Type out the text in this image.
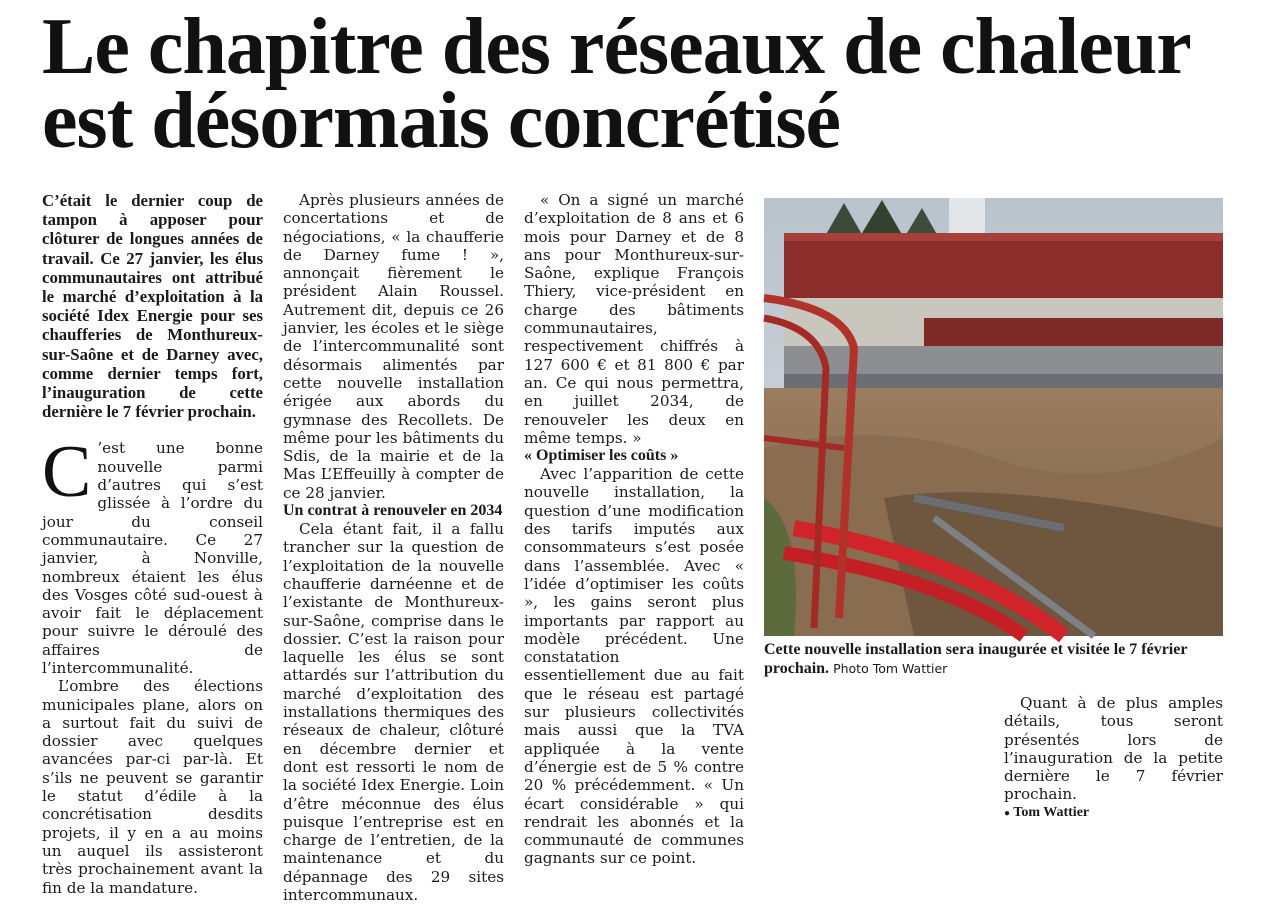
Le chapitre des réseaux de chaleur
est désormais concrétisé

C’était le dernier coup de tampon à apposer pour clôturer de longues années de travail. Ce 27 janvier, les élus communautaires ont attribué le marché d’exploitation à la société Idex Energie pour ses chaufferies de Monthureux-sur-Saône et de Darney avec, comme dernier temps fort, l’inauguration de cette dernière le 7 février prochain.

C ’est une bonne nouvelle parmi d’autres qui s’est glissée à l’ordre du jour du conseil communautaire. Ce 27 janvier, à Nonville, nombreux étaient les élus des Vosges côté sud-ouest à avoir fait le déplacement pour suivre le déroulé des affaires de l’intercommunalité.

L’ombre des élections municipales plane, alors on a surtout fait du suivi de dossier avec quelques avancées par-ci par-là. Et s’ils ne peuvent se garantir le statut d’édile à la concrétisation desdits projets, il y en a au moins un auquel ils assisteront très prochainement avant la fin de la mandature.

Après plusieurs années de concertations et de négociations, « la chaufferie de Darney fume ! », annonçait fièrement le président Alain Roussel. Autrement dit, depuis ce 26 janvier, les écoles et le siège de l’intercommunalité sont désormais alimentés par cette nouvelle installation érigée aux abords du gymnase des Recollets. De même pour les bâtiments du Sdis, de la mairie et de la Mas L’Effeuilly à compter de ce 28 janvier.

Un contrat à renouveler en 2034

Cela étant fait, il a fallu trancher sur la question de l’exploitation de la nouvelle chaufferie darnéenne et de l’existante de Monthureux-sur-Saône, comprise dans le dossier. C’est la raison pour laquelle les élus se sont attardés sur l’attribution du marché d’exploitation des installations thermiques des réseaux de chaleur, clôturé en décembre dernier et dont est ressorti le nom de la société Idex Energie. Loin d’être méconnue des élus puisque l’entreprise est en charge de l’entretien, de la maintenance et du dépannage des 29 sites intercommunaux.

« On a signé un marché d’exploitation de 8 ans et 6 mois pour Darney et de 8 ans pour Monthureux-sur-Saône, explique François Thiery, vice-président en charge des bâtiments communautaires, respectivement chiffrés à 127 600 € et 81 800 € par an. Ce qui nous permettra, en juillet 2034, de renouveler les deux en même temps. »

« Optimiser les coûts »

Avec l’apparition de cette nouvelle installation, la question d’une modification des tarifs imputés aux consommateurs s’est posée dans l’assemblée. Avec « l’idée d’optimiser les coûts », les gains seront plus importants par rapport au modèle précédent. Une constatation essentiellement due au fait que le réseau est partagé sur plusieurs collectivités mais aussi que la TVA appliquée à la vente d’énergie est de 5 % contre 20 % précédemment. « Un écart considérable » qui rendrait les abonnés et la communauté de communes gagnants sur ce point.

Cette nouvelle installation sera inaugurée et visitée le 7 février prochain. Photo Tom Wattier

Quant à de plus amples détails, tous seront présentés lors de l’inauguration de la petite dernière le 7 février prochain.

● Tom Wattier
